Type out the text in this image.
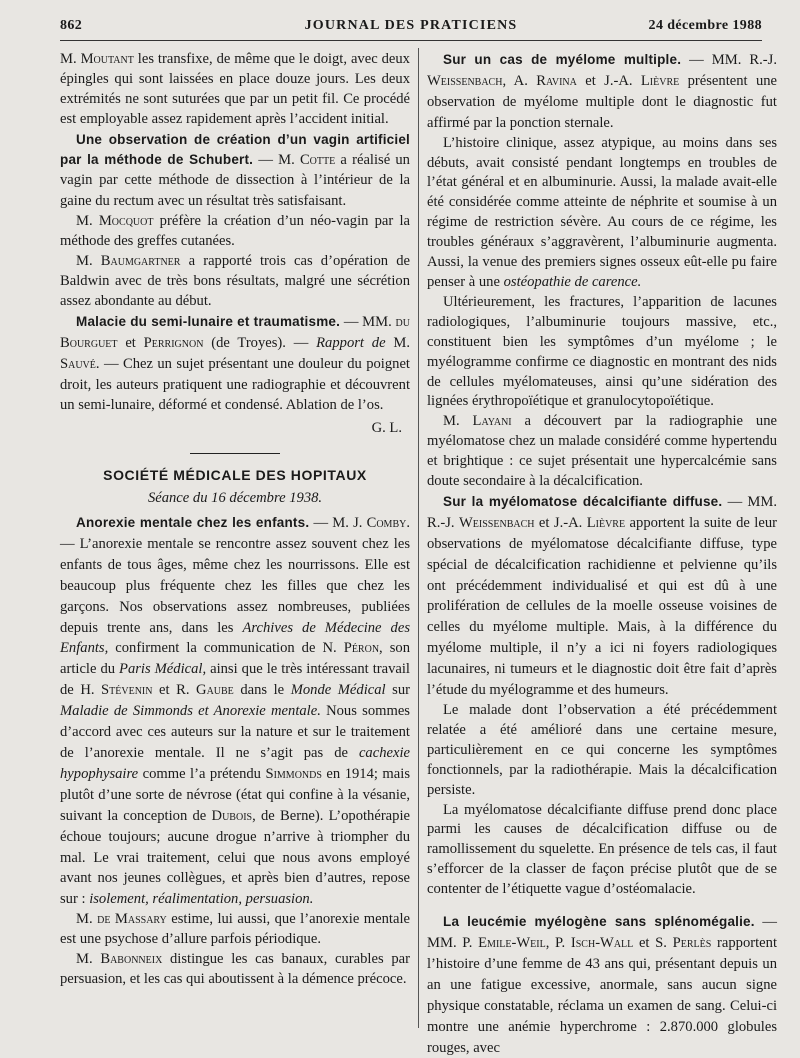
862	JOURNAL DES PRATICIENS	24 décembre 1988

M. Moutant les transfixe, de même que le doigt, avec deux épingles qui sont laissées en place douze jours. Les deux extrémités ne sont suturées que par un petit fil. Ce procédé est employable assez rapidement après l’accident initial.

Une observation de création d’un vagin artificiel par la méthode de Schubert. — M. Cotte a réalisé un vagin par cette méthode de dissection à l’intérieur de la gaine du rectum avec un résultat très satisfaisant.

M. Mocquot préfère la création d’un néo-vagin par la méthode des greffes cutanées.

M. Baumgartner a rapporté trois cas d’opération de Baldwin avec de très bons résultats, malgré une sécrétion assez abondante au début.

Malacie du semi-lunaire et traumatisme. — MM. du Bourguet et Perrignon (de Troyes). — Rapport de M. Sauvé. — Chez un sujet présentant une douleur du poignet droit, les auteurs pratiquent une radiographie et découvrent un semi-lunaire, déformé et condensé. Ablation de l’os.

G. L.
SOCIÉTÉ MÉDICALE DES HOPITAUX
Séance du 16 décembre 1938.

Anorexie mentale chez les enfants. — M. J. Comby. — L’anorexie mentale se rencontre assez souvent chez les enfants de tous âges, même chez les nourrissons. Elle est beaucoup plus fréquente chez les filles que chez les garçons. Nos observations assez nombreuses, publiées depuis trente ans, dans les Archives de Médecine des Enfants, confirment la communication de N. Péron, son article du Paris Médical, ainsi que le très intéressant travail de H. Stévenin et R. Gaube dans le Monde Médical sur Maladie de Simmonds et Anorexie mentale. Nous sommes d’accord avec ces auteurs sur la nature et sur le traitement de l’anorexie mentale. Il ne s’agit pas de cachexie hypophysaire comme l’a prétendu Simmonds en 1914; mais plutôt d’une sorte de névrose (état qui confine à la vésanie, suivant la conception de Dubois, de Berne). L’opothérapie échoue toujours; aucune drogue n’arrive à triompher du mal. Le vrai traitement, celui que nous avons employé avant nos jeunes collègues, et après bien d’autres, repose sur : isolement, réalimentation, persuasion.

M. de Massary estime, lui aussi, que l’anorexie mentale est une psychose d’allure parfois périodique.

M. Babonneix distingue les cas banaux, curables par persuasion, et les cas qui aboutissent à la démence précoce.

Sur un cas de myélome multiple. — MM. R.-J. Weissenbach, A. Ravina et J.-A. Lièvre présentent une observation de myélome multiple dont le diagnostic fut affirmé par la ponction sternale.

L’histoire clinique, assez atypique, au moins dans ses débuts, avait consisté pendant longtemps en troubles de l’état général et en albuminurie. Aussi, la malade avait-elle été considérée comme atteinte de néphrite et soumise à un régime de restriction sévère. Au cours de ce régime, les troubles généraux s’aggravèrent, l’albuminurie augmenta. Aussi, la venue des premiers signes osseux eût-elle pu faire penser à une ostéopathie de carence.

Ultérieurement, les fractures, l’apparition de lacunes radiologiques, l’albuminurie toujours massive, etc., constituent bien les symptômes d’un myélome ; le myélogramme confirme ce diagnostic en montrant des nids de cellules myélomateuses, ainsi qu’une sidération des lignées érythropoïétique et granulocytopoïétique.

M. Layani a découvert par la radiographie une myélomatose chez un malade considéré comme hypertendu et brightique : ce sujet présentait une hypercalcémie sans doute secondaire à la décalcification.

Sur la myélomatose décalcifiante diffuse. — MM. R.-J. Weissenbach et J.-A. Lièvre apportent la suite de leur observations de myélomatose décalcifiante diffuse, type spécial de décalcification rachidienne et pelvienne qu’ils ont précédemment individualisé et qui est dû à une prolifération de cellules de la moelle osseuse voisines de celles du myélome multiple. Mais, à la différence du myélome multiple, il n’y a ici ni foyers radiologiques lacunaires, ni tumeurs et le diagnostic doit être fait d’après l’étude du myélogramme et des humeurs.

Le malade dont l’observation a été précédemment relatée a été amélioré dans une certaine mesure, particulièrement en ce qui concerne les symptômes fonctionnels, par la radiothérapie. Mais la décalcification persiste.

La myélomatose décalcifiante diffuse prend donc place parmi les causes de décalcification diffuse ou de ramollissement du squelette. En présence de tels cas, il faut s’efforcer de la classer de façon précise plutôt que de se contenter de l’étiquette vague d’ostéomalacie.

La leucémie myélogène sans splénomégalie. — MM. P. Emile-Weil, P. Isch-Wall et S. Perlès rapportent l’histoire d’une femme de 43 ans qui, présentant depuis un an une fatigue excessive, anormale, sans aucun signe physique constatable, réclama un examen de sang. Celui-ci montre une anémie hyperchrome : 2.870.000 globules rouges, avec
